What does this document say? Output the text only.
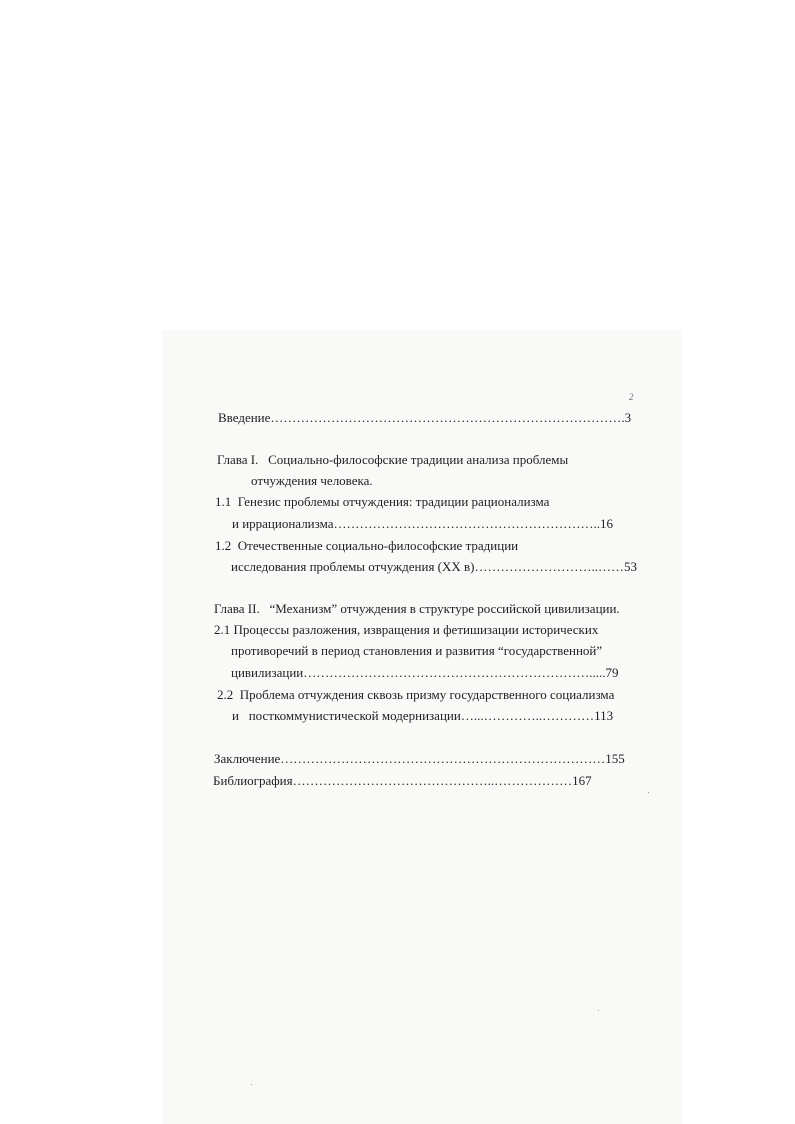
2
Введение……………………………………………………………………….3
Глава I.   Социально-философские традиции анализа проблемы
отчуждения человека.
1.1  Генезис проблемы отчуждения: традиции рационализма
и иррационализма……………………………………………………..16
1.2  Отечественные социально-философские традиции
исследования проблемы отчуждения (XX в)………………………..……53
Глава II.   “Механизм” отчуждения в структуре российской цивилизации.
2.1 Процессы разложения, извращения и фетишизации исторических
противоречий в период становления и развития “государственной”
цивилизации………………………………………………………….....79
2.2  Проблема отчуждения сквозь призму государственного социализма
и   посткоммунистической модернизации…...…………..…………113
Заключение…………………………………………………………………155
Библиография………………………………………..………………167
